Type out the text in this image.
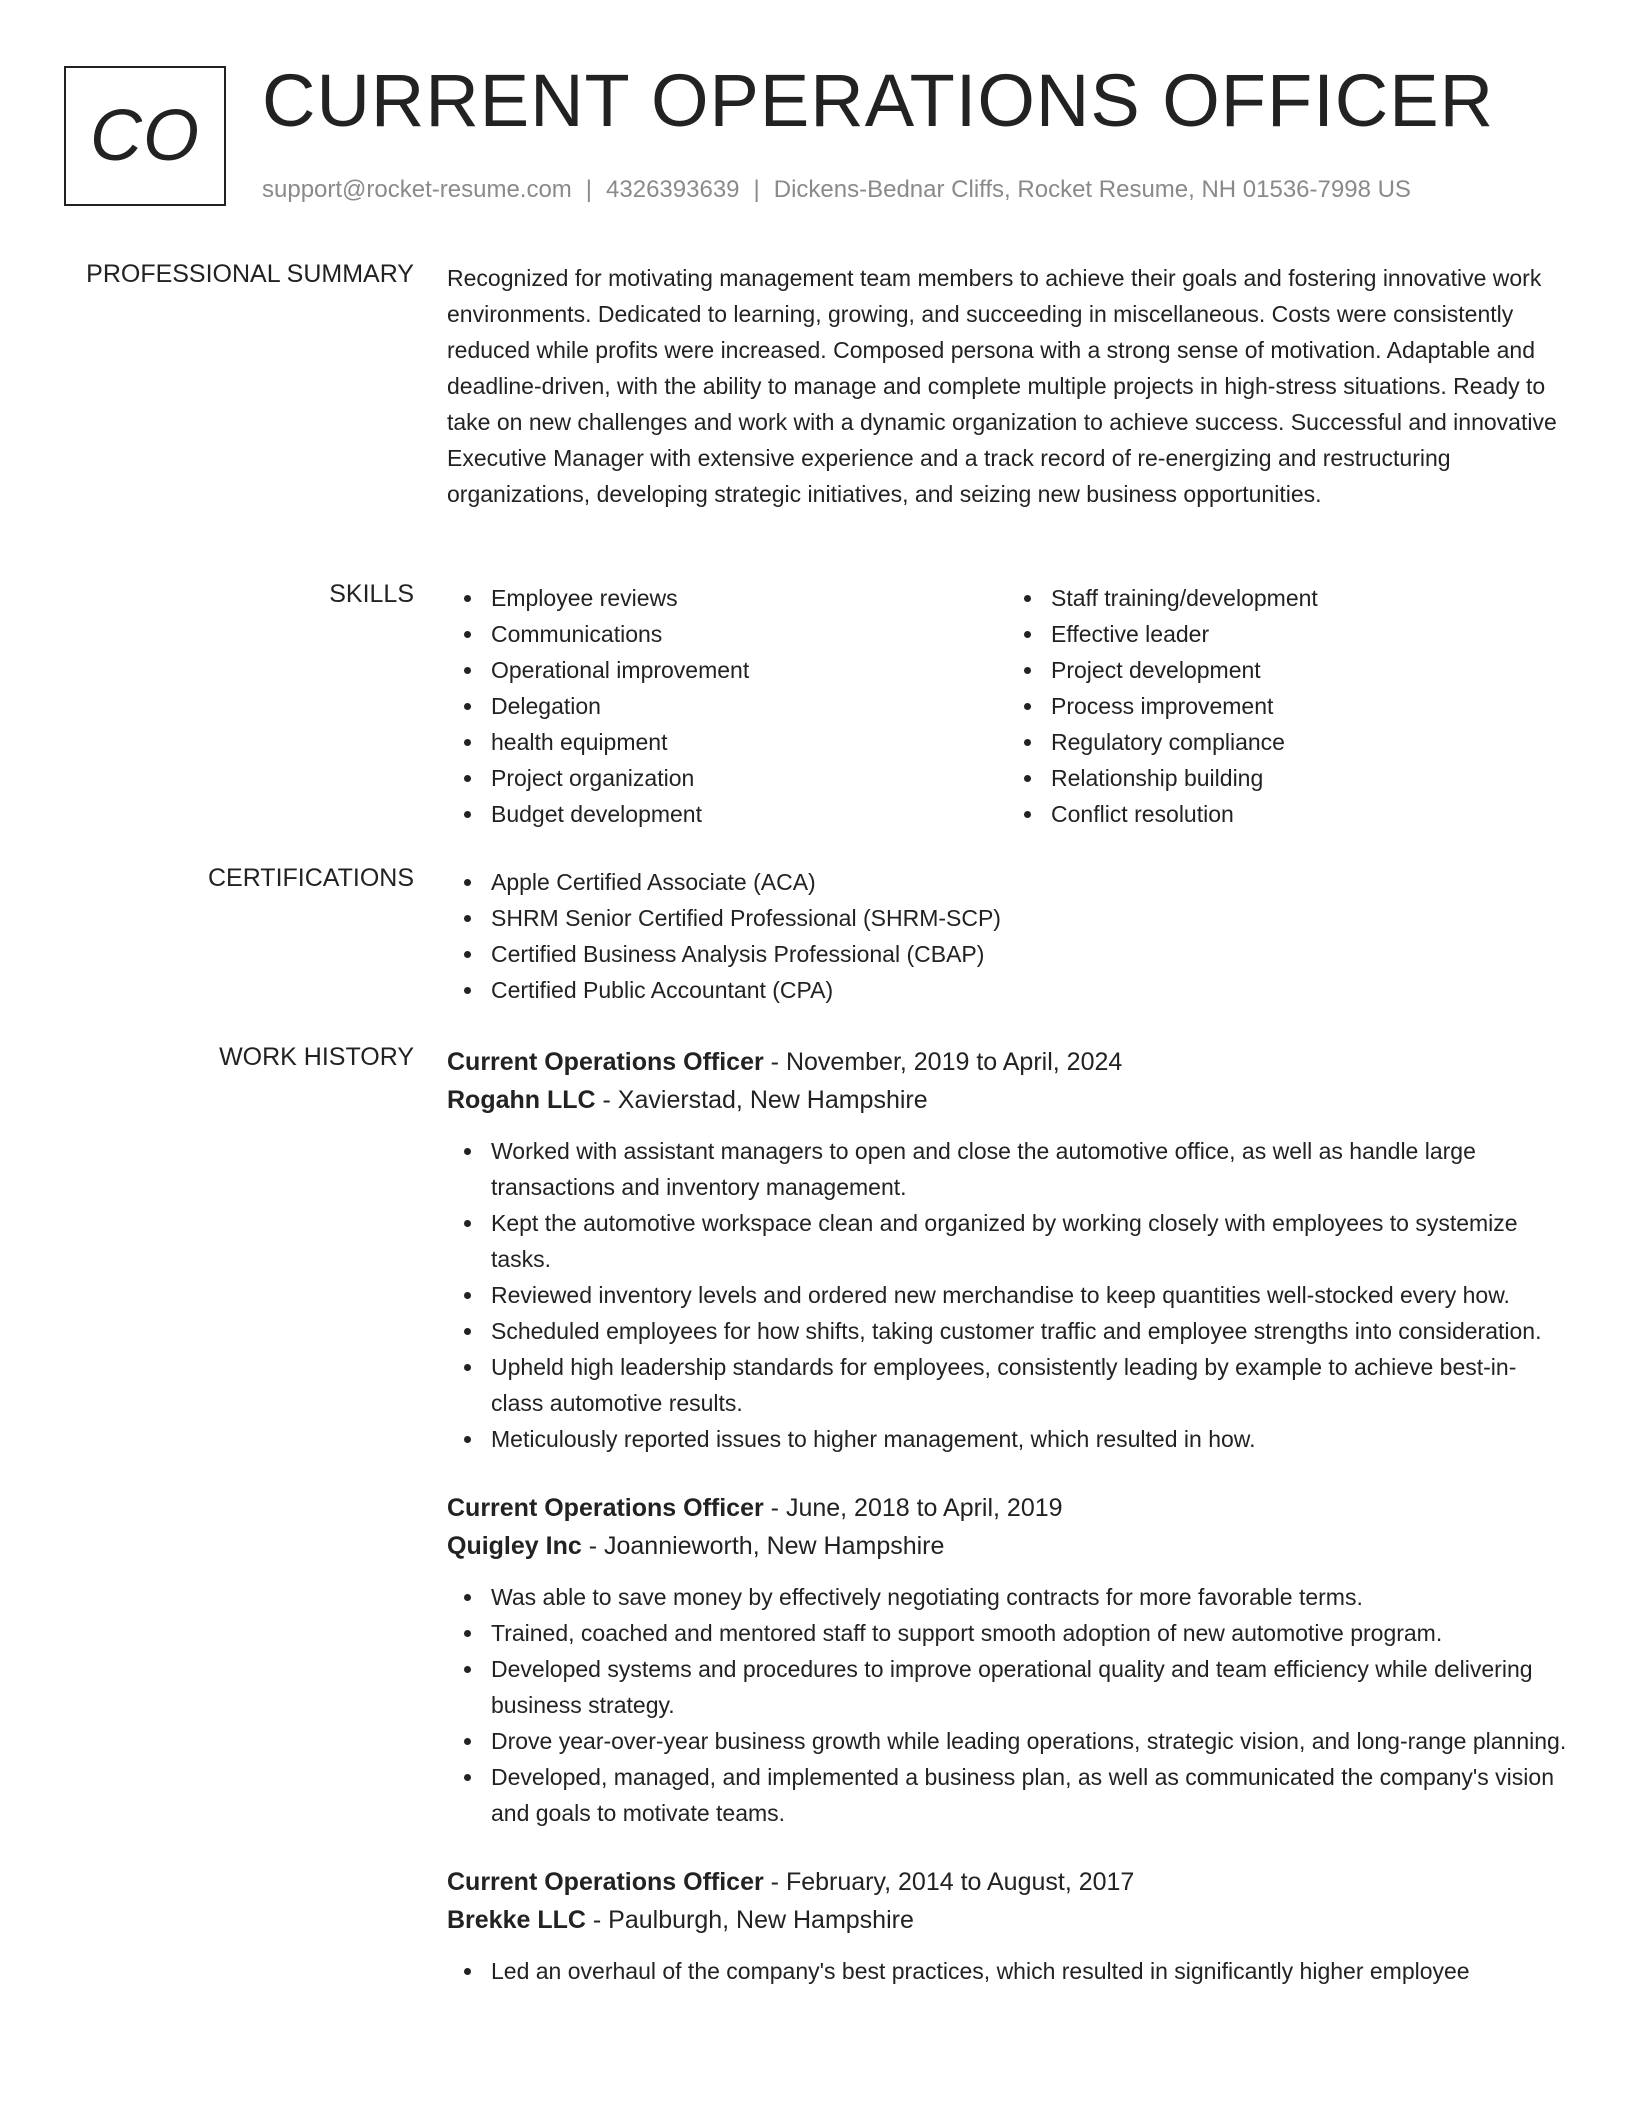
CO CURRENT OPERATIONS OFFICER
support@rocket-resume.com | 4326393639 | Dickens-Bednar Cliffs, Rocket Resume, NH 01536-7998 US
PROFESSIONAL SUMMARY Recognized for motivating management team members to achieve their goals and fostering innovative work environments. Dedicated to learning, growing, and succeeding in miscellaneous. Costs were consistently reduced while profits were increased. Composed persona with a strong sense of motivation. Adaptable and deadline-driven, with the ability to manage and complete multiple projects in high-stress situations. Ready to take on new challenges and work with a dynamic organization to achieve success. Successful and innovative Executive Manager with extensive experience and a track record of re-energizing and restructuring organizations, developing strategic initiatives, and seizing new business opportunities.

SKILLS	Employee reviews
Communications
Operational improvement
Delegation
health equipment
Project organization
Budget development
Staff training/development
Effective leader
Project development
Process improvement
Regulatory compliance
Relationship building
Conflict resolution
CERTIFICATIONS	Apple Certified Associate (ACA)
SHRM Senior Certified Professional (SHRM-SCP)
Certified Business Analysis Professional (CBAP)
Certified Public Accountant (CPA)
WORK HISTORY Current Operations Officer - November, 2019 to April, 2024
Rogahn LLC - Xavierstad, New Hampshire
Worked with assistant managers to open and close the automotive office, as well as handle large transactions and inventory management.
Kept the automotive workspace clean and organized by working closely with employees to systemize tasks.
Reviewed inventory levels and ordered new merchandise to keep quantities well-stocked every how.
Scheduled employees for how shifts, taking customer traffic and employee strengths into consideration.
Upheld high leadership standards for employees, consistently leading by example to achieve best-in-class automotive results.
Meticulously reported issues to higher management, which resulted in how.
Current Operations Officer - June, 2018 to April, 2019
Quigley Inc - Joannieworth, New Hampshire
Was able to save money by effectively negotiating contracts for more favorable terms.
Trained, coached and mentored staff to support smooth adoption of new automotive program.
Developed systems and procedures to improve operational quality and team efficiency while delivering business strategy.
Drove year-over-year business growth while leading operations, strategic vision, and long-range planning.
Developed, managed, and implemented a business plan, as well as communicated the company's vision and goals to motivate teams.
Current Operations Officer - February, 2014 to August, 2017
Brekke LLC - Paulburgh, New Hampshire
Led an overhaul of the company's best practices, which resulted in significantly higher employee
